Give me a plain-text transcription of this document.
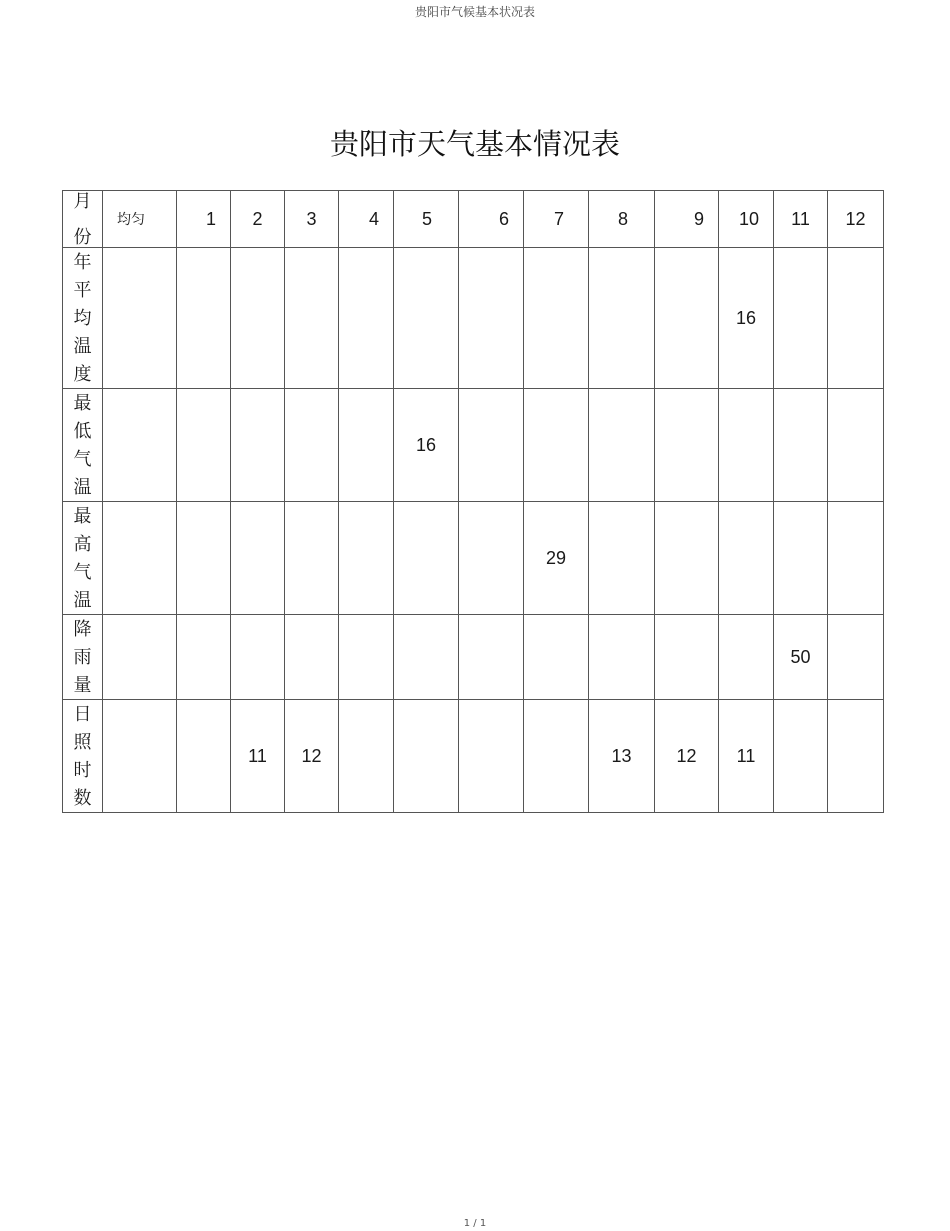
贵阳市气候基本状况表
贵阳市天气基本情况表
月
份	均匀	1	2	3	4	5	6	7	8	9	10	11	12

年
平
均
温
度											16		

最
低
气
温						16							

最
高
气
温								29					

降
雨
量												50	

日
照
时
数			11	12					13	12	11		
1 / 1
